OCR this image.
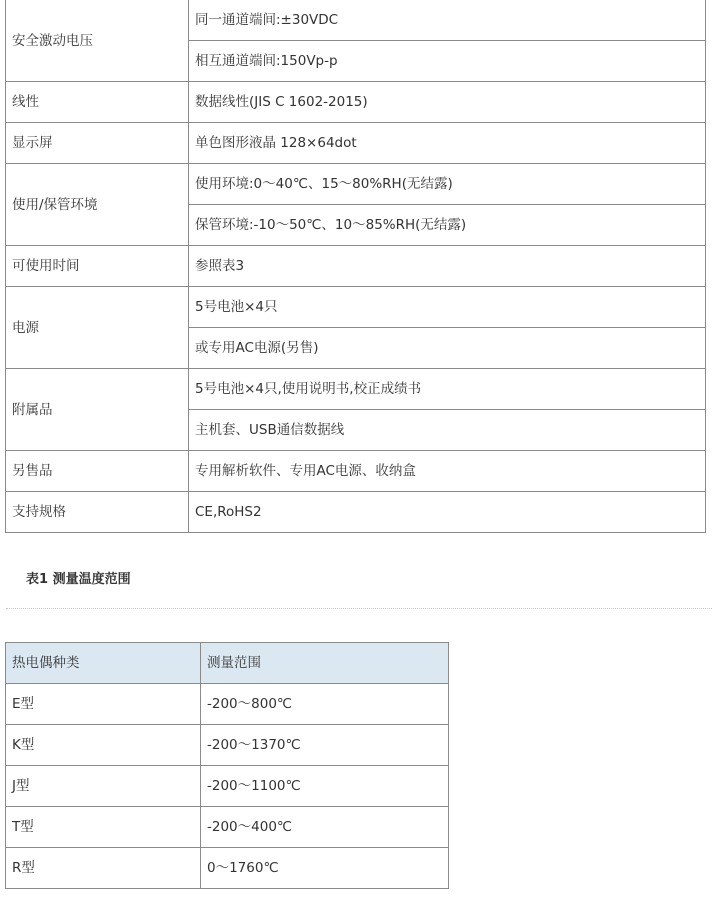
安全激动电压	同一通道端间:±30VDC
	相互通道端间:150Vp-p
线性	数据线性(JIS C 1602-2015)
显示屏	单色图形液晶 128×64dot
使用/保管环境	使用环境:0～40℃、15～80%RH(无结露)
	保管环境:-10～50℃、10～85%RH(无结露)
可使用时间	参照表3
电源	5号电池×4只
	或专用AC电源(另售)
附属品	5号电池×4只,使用说明书,校正成绩书
	主机套、USB通信数据线
另售品	专用解析软件、专用AC电源、收纳盒
支持规格	CE,RoHS2
表1 测量温度范围
热电偶种类	测量范围
E型	-200～800℃
K型	-200～1370℃
J型	-200～1100℃
T型	-200～400℃
R型	0～1760℃
